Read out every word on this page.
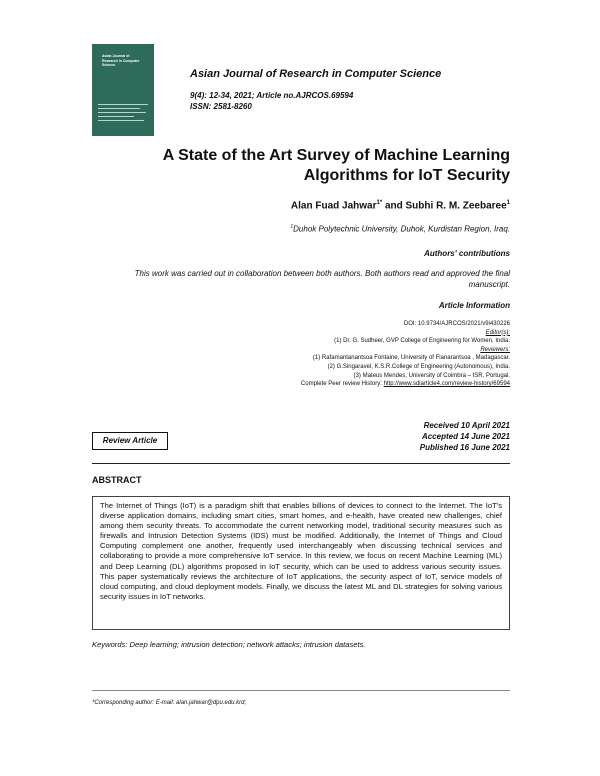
Asian Journal of Research in Computer Science
Asian Journal of Research in Computer Science
9(4): 12-34, 2021; Article no.AJRCOS.69594
ISSN: 2581-8260
A State of the Art Survey of Machine Learning
Algorithms for IoT Security
Alan Fuad Jahwar$^{1*}$ and Subhi R. M. Zeebaree$^1$
$^1$Duhok Polytechnic University, Duhok, Kurdistan Region, Iraq.
Authors' contributions
This work was carried out in collaboration between both authors. Both authors read and approved the final manuscript.
Article Information
DOI: 10.9734/AJRCOS/2021/v9i430226
Editor(s):
(1) Dr. G. Sudheer, GVP College of Engineering for Women, India.
Reviewers:
(1) Rafamantanantsoa Fontaine, University of Fianarantsoa , Madagascar.
(2) G.Singaravel, K.S.R.College of Engineering (Autonomous), India.
(3) Mateus Mendes, University of Coimbra – ISR, Portugal.
Complete Peer review History: http://www.sdiarticle4.com/review-history/69594
Review Article
Received 10 April 2021
Accepted 14 June 2021
Published 16 June 2021
ABSTRACT
The Internet of Things (IoT) is a paradigm shift that enables billions of devices to connect to the Internet. The IoT's diverse application domains, including smart cities, smart homes, and e-health, have created new challenges, chief among them security threats. To accommodate the current networking model, traditional security measures such as firewalls and Intrusion Detection Systems (IDS) must be modified. Additionally, the Internet of Things and Cloud Computing complement one another, frequently used interchangeably when discussing technical services and collaborating to provide a more comprehensive IoT service. In this review, we focus on recent Machine Learning (ML) and Deep Learning (DL) algorithms proposed in IoT security, which can be used to address various security issues. This paper systematically reviews the architecture of IoT applications, the security aspect of IoT, service models of cloud computing, and cloud deployment models. Finally, we discuss the latest ML and DL strategies for solving various security issues in IoT networks.
Keywords: Deep learning; intrusion detection; network attacks; intrusion datasets.
*Corresponding author: E-mail: alan.jahwar@dpu.edu.krd;
